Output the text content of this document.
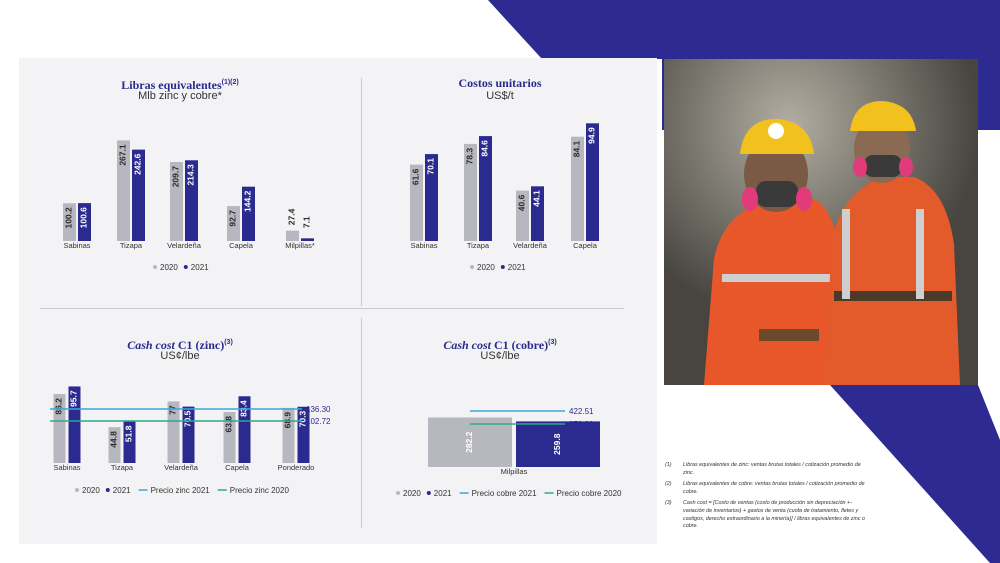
Libras equivalentes$^{(1)(2)}$
Mlb zinc y cobre*
Costos unitarios
US$/t
Cash cost C1 (zinc)$^{(3)}$
US¢/lbe
Cash cost C1 (cobre)$^{(3)}$
US¢/lbe
100.2 100.6
Sabinas
267.1 242.6
Tizapa
209.7 214.3
Velardeña
92.7
144.2
Capela
27.4 7.1
Milpillas*
2020 2021
61.6
70.1
Sabinas
78.3 84.6
Tizapa
40.6 44.1
Velardeña
84.1
94.9
Capela
2020 2021
86.2 95.7
Sabinas
44.8 51.8
Tizapa
77
70.5
Velardeña
63.8
83.4
Capela
68.9 70.3
Ponderado
136.30
102.72
2020 2021	Precio zinc 2021	Precio zinc 2020
282.2	259.8
Milpillas
422.51
279.80
2020 2021	Precio cobre 2021	Precio cobre 2020
(1)	Libras equivalentes de zinc: ventas brutas totales / cotización promedio de zinc.
(2)	Libras equivalentes de cobre: ventas brutas totales / cotización promedio de cobre.
(3)	Cash cost = [Costo de ventas (costo de producción sin depreciación +- variación de inventarios) + gastos de venta (cuota de tratamiento, fletes y castigos, derecho extraordinario a la minería)] / libras equivalentes de zinc o cobre.
